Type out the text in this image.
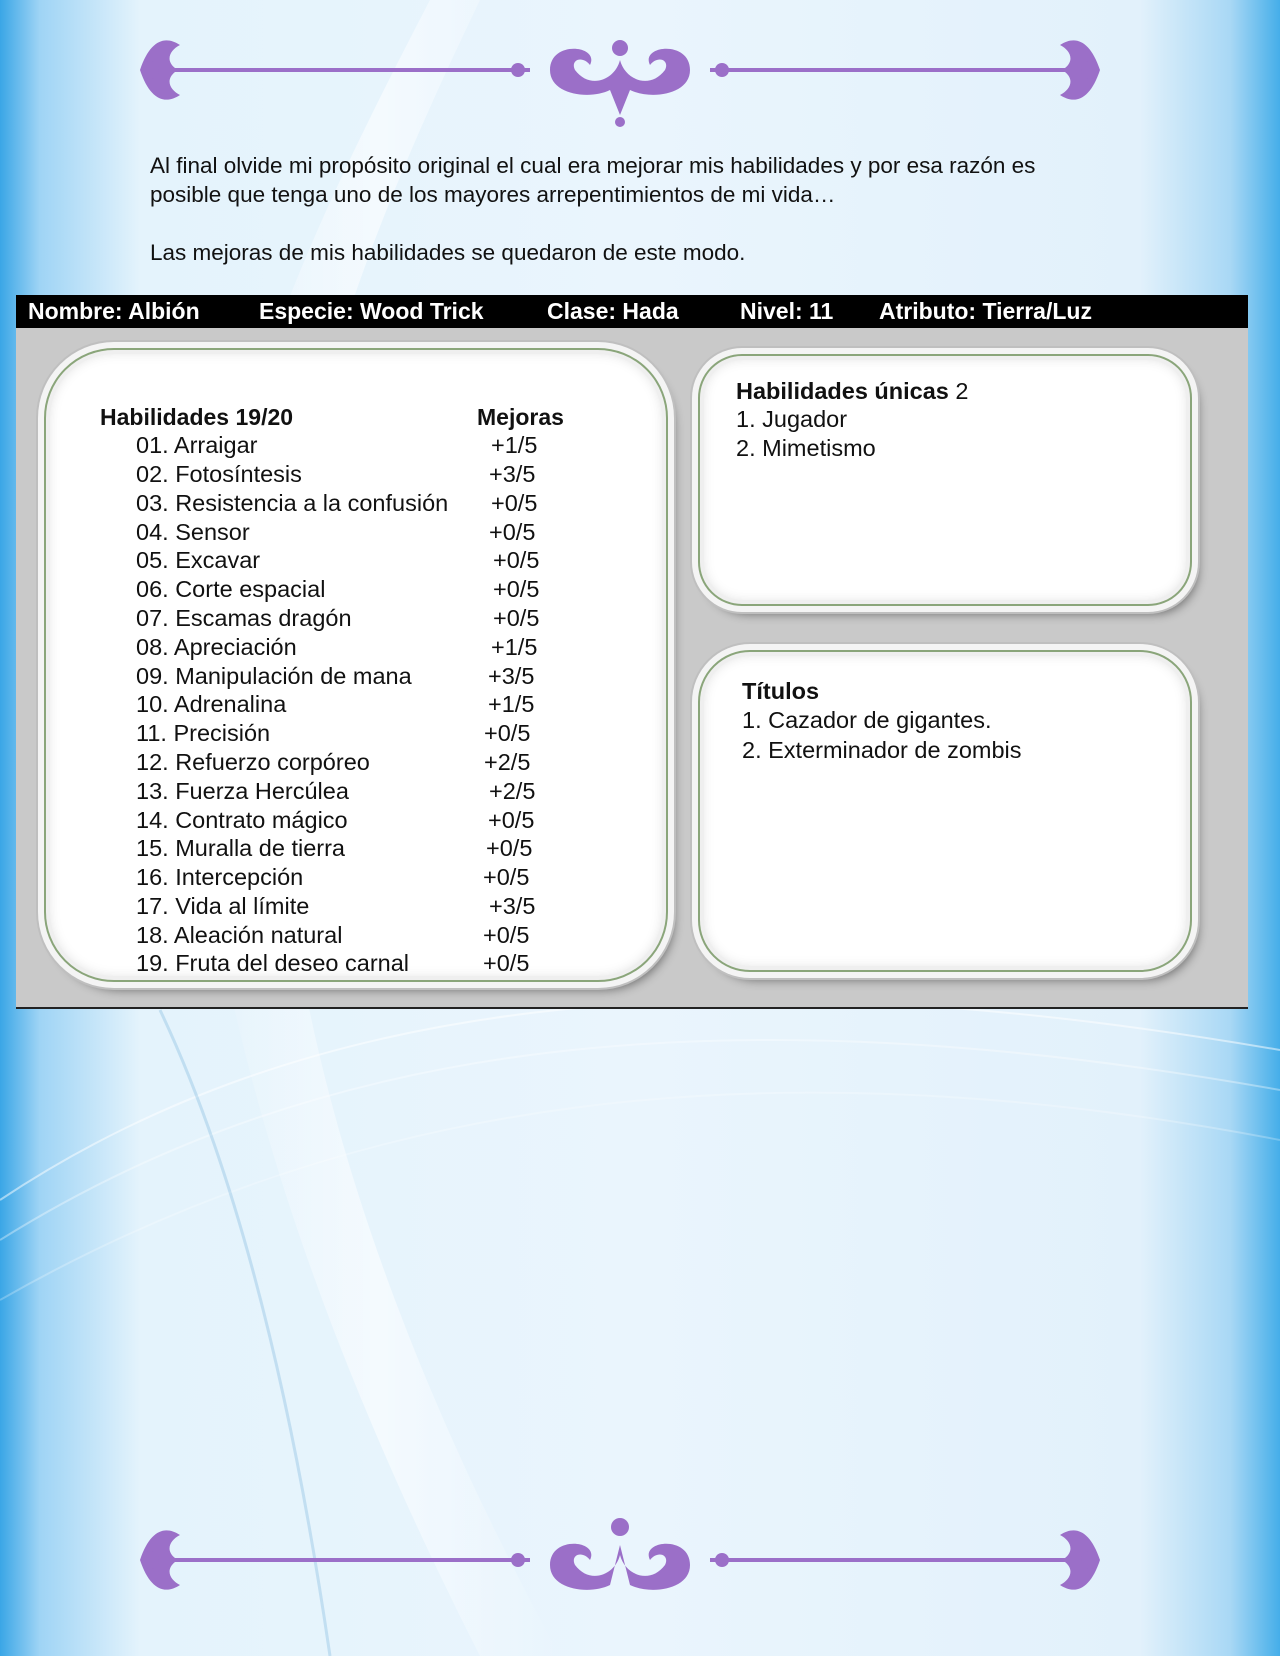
Al final olvide mi propósito original el cual era mejorar mis habilidades y por esa razón es posible que tenga uno de los mayores arrepentimientos de mi vida…
Las mejoras de mis habilidades se quedaron de este modo.
Nombre: Albión	Especie: Wood Trick	Clase: Hada	Nivel: 11 Atributo: Tierra/Luz
Habilidades 19/20	Mejoras
01. Arraigar	+1/5
02. Fotosíntesis	+3/5
03. Resistencia a la confusión +0/5
04. Sensor	+0/5
05. Excavar	+0/5
06. Corte espacial	+0/5
07. Escamas dragón	+0/5
08. Apreciación	+1/5
09. Manipulación de mana	+3/5
10. Adrenalina	+1/5
11. Precisión	+0/5
12. Refuerzo corpóreo	+2/5
13. Fuerza Hercúlea	+2/5
14. Contrato mágico	+0/5
15. Muralla de tierra	+0/5
16. Intercepción	+0/5
17. Vida al límite	+3/5
18. Aleación natural	+0/5
19. Fruta del deseo carnal	+0/5
Habilidades únicas 2
1. Jugador
2. Mimetismo
Títulos
1. Cazador de gigantes.
2. Exterminador de zombis
